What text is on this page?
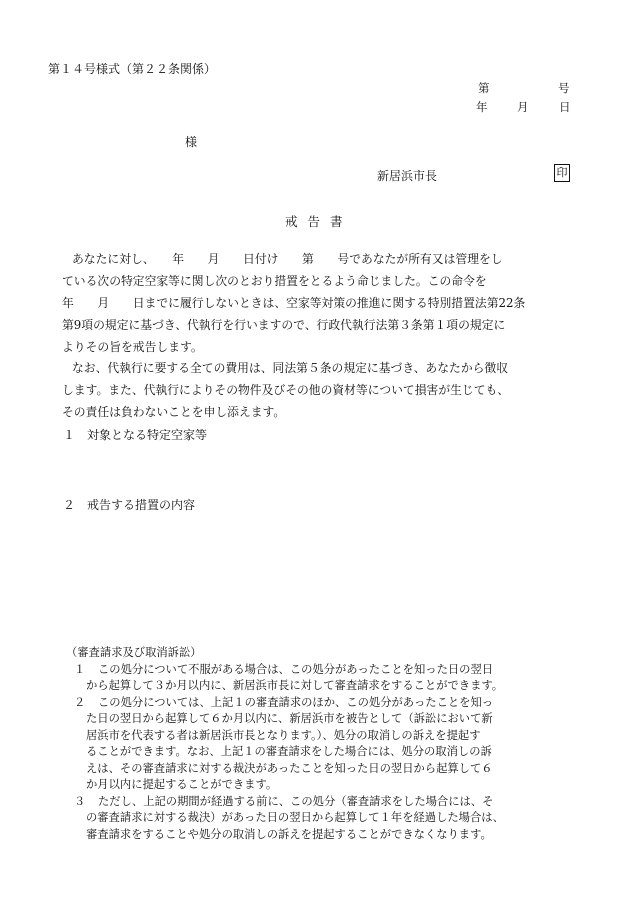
第１４号様式（第２２条関係）
第	号
年	月	日
様
新居浜市長	印
戒告書
あなたに対し、　　年　　月　　日付け　　第　　号であなたが所有又は管理をし
ている次の特定空家等に関し次のとおり措置をとるよう命じました。この命令を
年　　月　　日までに履行しないときは、空家等対策の推進に関する特別措置法第22条
第9項の規定に基づき、代執行を行いますので、行政代執行法第３条第１項の規定に
よりその旨を戒告します。
なお、代執行に要する全ての費用は、同法第５条の規定に基づき、あなたから徴収
します。また、代執行によりその物件及びその他の資材等について損害が生じても、
その責任は負わないことを申し添えます。
１ 対象となる特定空家等
２ 戒告する措置の内容
（審査請求及び取消訴訟）
１ この処分について不服がある場合は、この処分があったことを知った日の翌日
から起算して３か月以内に、新居浜市長に対して審査請求をすることができます。
２ この処分については、上記１の審査請求のほか、この処分があったことを知っ
た日の翌日から起算して６か月以内に、新居浜市を被告として（訴訟において新
居浜市を代表する者は新居浜市長となります。）、処分の取消しの訴えを提起す
ることができます。なお、上記１の審査請求をした場合には、処分の取消しの訴
えは、その審査請求に対する裁決があったことを知った日の翌日から起算して６
か月以内に提起することができます。
３ ただし、上記の期間が経過する前に、この処分（審査請求をした場合には、そ
の審査請求に対する裁決）があった日の翌日から起算して１年を経過した場合は、
審査請求をすることや処分の取消しの訴えを提起することができなくなります。
